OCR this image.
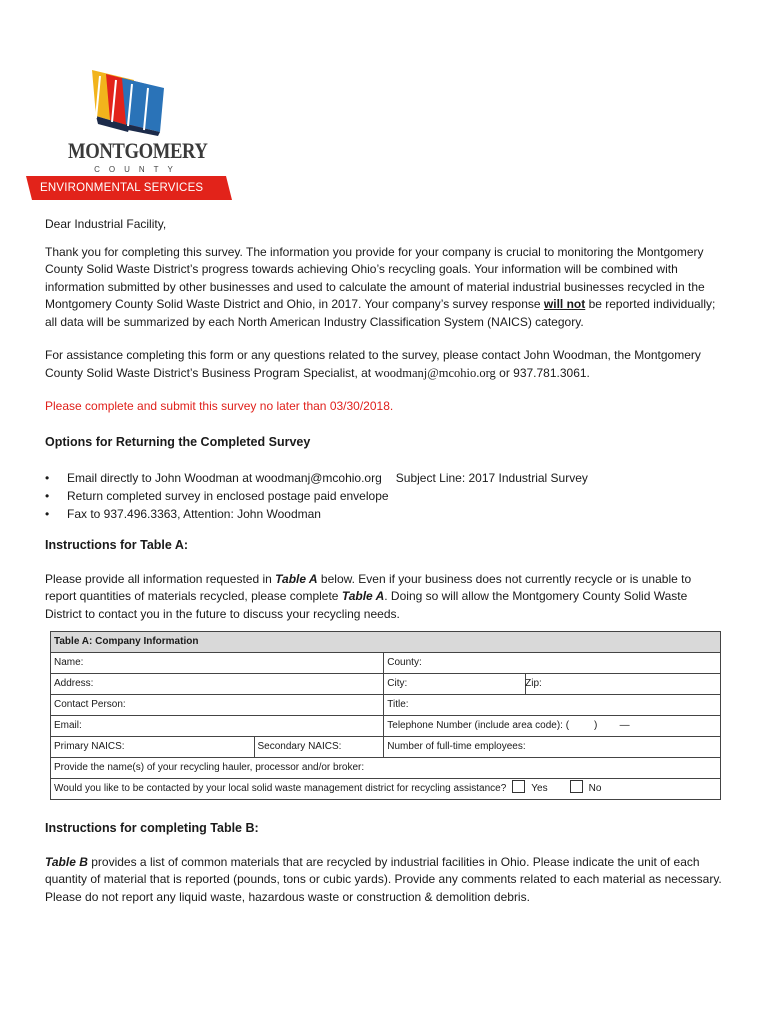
MONTGOMERY
COUNTY
ENVIRONMENTAL SERVICES

Dear Industrial Facility,

Thank you for completing this survey. The information you provide for your company is crucial to monitoring the Montgomery County Solid Waste District’s progress towards achieving Ohio’s recycling goals. Your information will be combined with information submitted by other businesses and used to calculate the amount of material industrial businesses recycled in the Montgomery County Solid Waste District and Ohio, in 2017. Your company’s survey response will not be reported individually; all data will be summarized by each North American Industry Classification System (NAICS) category.

For assistance completing this form or any questions related to the survey, please contact John Woodman, the Montgomery County Solid Waste District’s Business Program Specialist, at woodmanj@mcohio.org or 937.781.3061.

Please complete and submit this survey no later than 03/30/2018.

Options for Returning the Completed Survey
• Email directly to John Woodman at woodmanj@mcohio.org Subject Line: 2017 Industrial Survey
• Return completed survey in enclosed postage paid envelope
• Fax to 937.496.3363, Attention: John Woodman
Instructions for Table A:

Please provide all information requested in Table A below. Even if your business does not currently recycle or is unable to report quantities of materials recycled, please complete Table A. Doing so will allow the Montgomery County Solid Waste District to contact you in the future to discuss your recycling needs.

Table A: Company Information			
Name:		County:	
Address:		City:	Zip:
Contact Person:		Title:	
Email:		Telephone Number (include area code): (         )        —	
Primary NAICS:	Secondary NAICS:	Number of full-time employees:	
Provide the name(s) of your recycling hauler, processor and/or broker:			
Would you like to be contacted by your local solid waste management district for recycling assistance? Yes No			
Instructions for completing Table B:

Table B provides a list of common materials that are recycled by industrial facilities in Ohio. Please indicate the unit of each quantity of material that is reported (pounds, tons or cubic yards). Provide any comments related to each material as necessary. Please do not report any liquid waste, hazardous waste or construction & demolition debris.
